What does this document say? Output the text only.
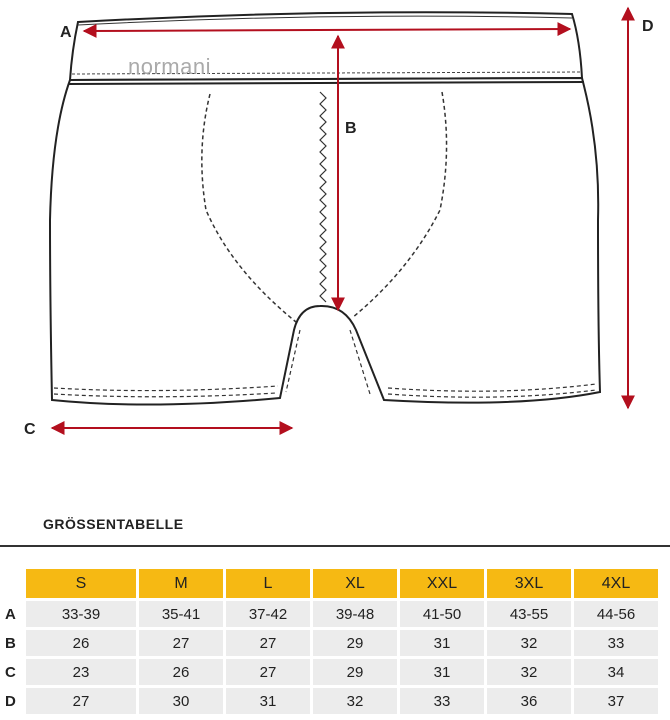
normani
A
B
C
D
GRÖSSENTABELLE
	S	M	L	XL	XXL	3XL	4XL
A	33-39	35-41	37-42	39-48	41-50	43-55	44-56
B	26	27	27	29	31	32	33
C	23	26	27	29	31	32	34
D	27	30	31	32	33	36	37
